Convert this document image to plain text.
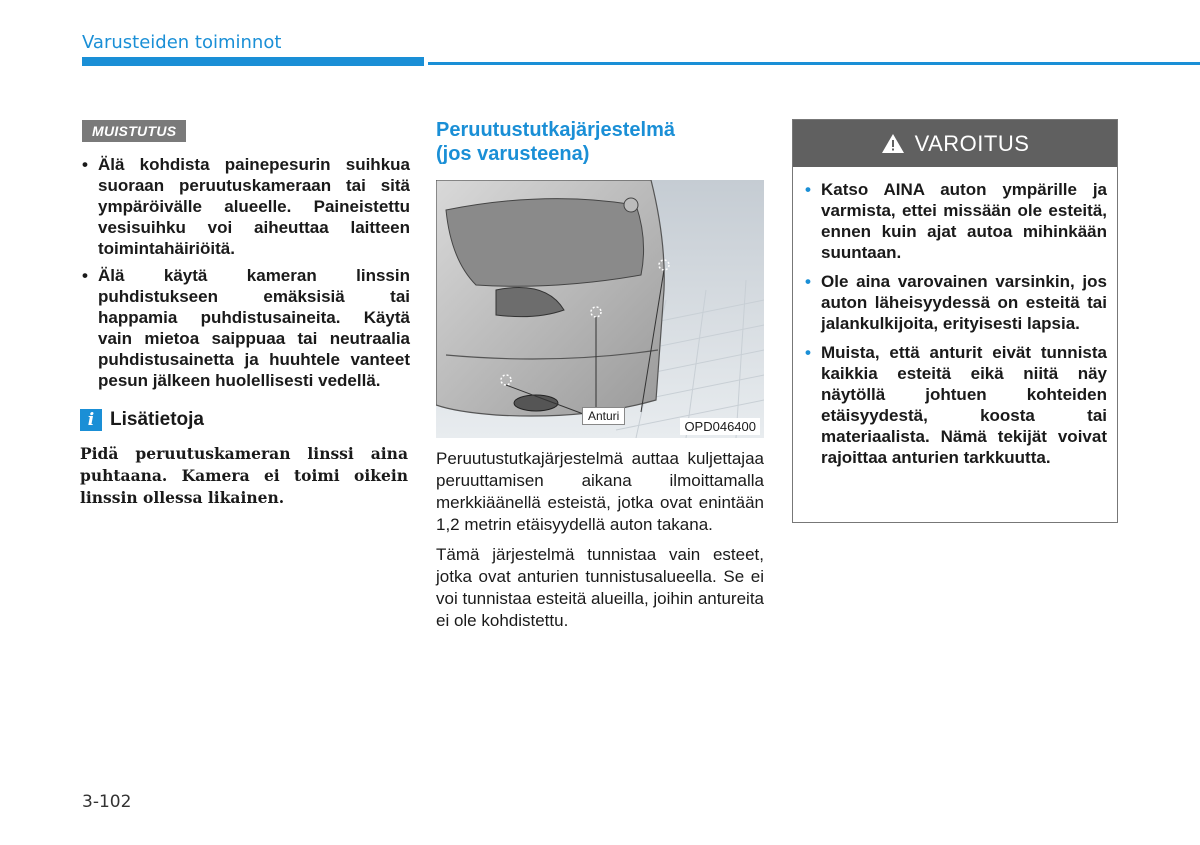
Varusteiden toiminnot
MUISTUTUS
• Älä kohdista painepesurin suihkua suoraan peruutuskameraan tai sitä ympäröivälle alueelle. Paineistettu vesisuihku voi aiheuttaa laitteen toimintahäiriöitä.
• Älä käytä kameran linssin puhdistukseen emäksisiä tai happamia puhdistusaineita. Käytä vain mietoa saippuaa tai neutraalia puhdistusainetta ja huuhtele vanteet pesun jälkeen huolellisesti vedellä.
i Lisätietoja
Pidä peruutuskameran linssi aina puhtaana. Kamera ei toimi oikein linssin ollessa likainen.
Peruutustutkajärjestelmä
(jos varusteena)
Anturi
OPD046400

Peruutustutkajärjestelmä auttaa kuljettajaa peruuttamisen aikana ilmoittamalla merkkiäänellä esteistä, jotka ovat enintään 1,2 metrin etäisyydellä auton takana.

Tämä järjestelmä tunnistaa vain esteet, jotka ovat anturien tunnistusalueella. Se ei voi tunnistaa esteitä alueilla, joihin antureita ei ole kohdistettu.

VAROITUS
• Katso AINA auton ympärille ja varmista, ettei missään ole esteitä, ennen kuin ajat autoa mihinkään suuntaan.
• Ole aina varovainen varsinkin, jos auton läheisyydessä on esteitä tai jalankulkijoita, erityisesti lapsia.
• Muista, että anturit eivät tunnista kaikkia esteitä eikä niitä näy näytöllä johtuen kohteiden etäisyydestä, koosta tai materiaalista. Nämä tekijät voivat rajoittaa anturien tarkkuutta.
3-102
